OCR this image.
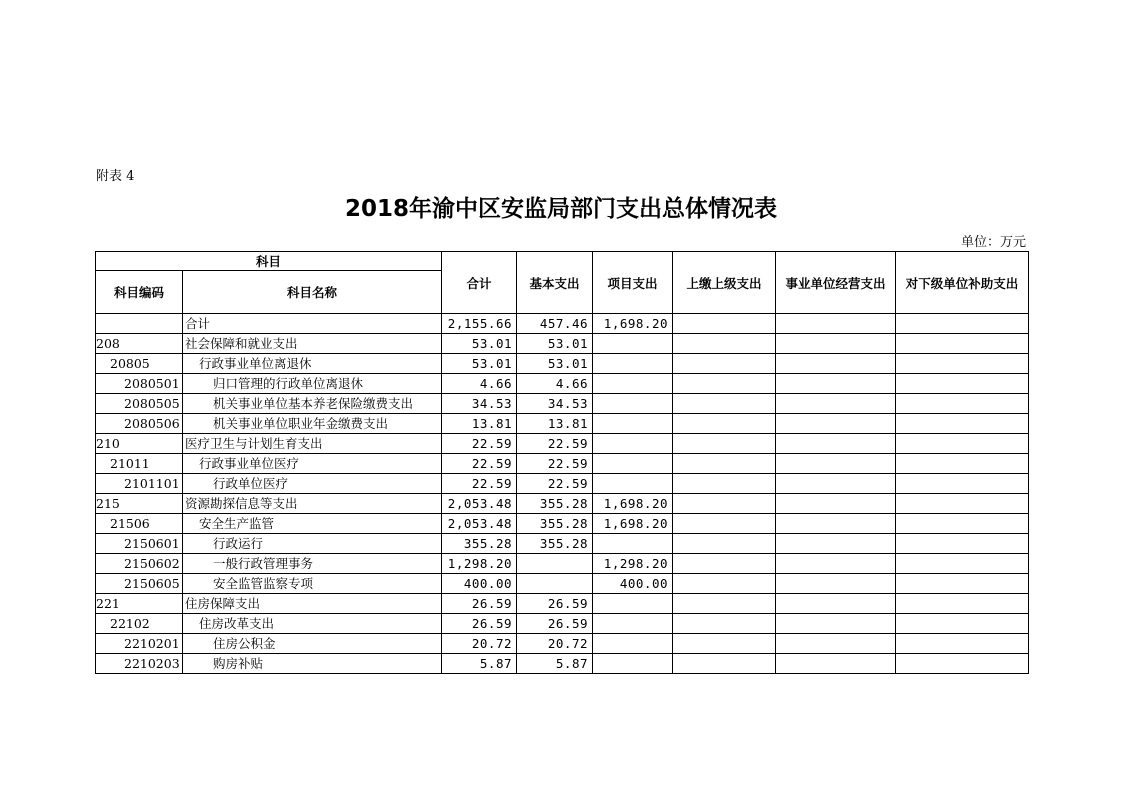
附表 4
2018年渝中区安监局部门支出总体情况表
单位：万元
科目		合计	基本支出	项目支出	上缴上级支出	事业单位经营支出	对下级单位补助支出
科目编码	科目名称						
	合计	2,155.66	457.46	1,698.20			
208	社会保障和就业支出	53.01	53.01				
20805	行政事业单位离退休	53.01	53.01				
2080501	归口管理的行政单位离退休	4.66	4.66				
2080505	机关事业单位基本养老保险缴费支出	34.53	34.53				
2080506	机关事业单位职业年金缴费支出	13.81	13.81				
210	医疗卫生与计划生育支出	22.59	22.59				
21011	行政事业单位医疗	22.59	22.59				
2101101	行政单位医疗	22.59	22.59				
215	资源勘探信息等支出	2,053.48	355.28	1,698.20			
21506	安全生产监管	2,053.48	355.28	1,698.20			
2150601	行政运行	355.28	355.28				
2150602	一般行政管理事务	1,298.20		1,298.20			
2150605	安全监管监察专项	400.00		400.00			
221	住房保障支出	26.59	26.59				
22102	住房改革支出	26.59	26.59				
2210201	住房公积金	20.72	20.72				
2210203	购房补贴	5.87	5.87				
